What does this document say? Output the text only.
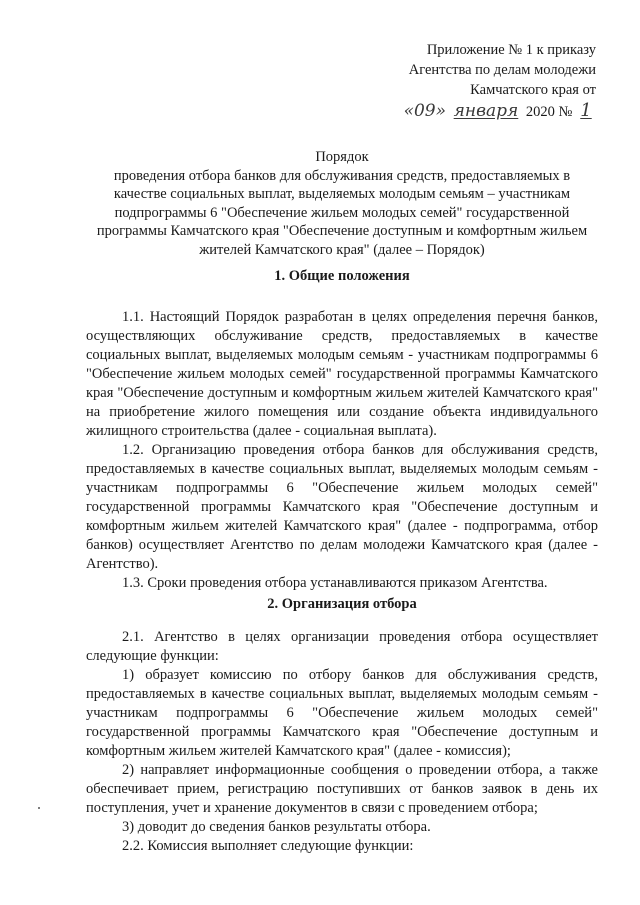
Приложение № 1 к приказу
Агентства по делам молодежи
Камчатского края от
«09» января 2020 № 1
Порядок
проведения отбора банков для обслуживания средств, предоставляемых в качестве социальных выплат, выделяемых молодым семьям – участникам подпрограммы 6 "Обеспечение жильем молодых семей" государственной программы Камчатского края "Обеспечение доступным и комфортным жильем жителей Камчатского края" (далее – Порядок)
1. Общие положения

1.1. Настоящий Порядок разработан в целях определения перечня банков, осуществляющих обслуживание средств, предоставляемых в качестве социальных выплат, выделяемых молодым семьям - участникам подпрограммы 6 "Обеспечение жильем молодых семей" государственной программы Камчатского края "Обеспечение доступным и комфортным жильем жителей Камчатского края" на приобретение жилого помещения или создание объекта индивидуального жилищного строительства (далее - социальная выплата).

1.2. Организацию проведения отбора банков для обслуживания средств, предоставляемых в качестве социальных выплат, выделяемых молодым семьям - участникам подпрограммы 6 "Обеспечение жильем молодых семей" государственной программы Камчатского края "Обеспечение доступным и комфортным жильем жителей Камчатского края" (далее - подпрограмма, отбор банков) осуществляет Агентство по делам молодежи Камчатского края (далее - Агентство).

1.3. Сроки проведения отбора устанавливаются приказом Агентства.

2. Организация отбора

2.1. Агентство в целях организации проведения отбора осуществляет следующие функции:

1) образует комиссию по отбору банков для обслуживания средств, предоставляемых в качестве социальных выплат, выделяемых молодым семьям - участникам подпрограммы 6 "Обеспечение жильем молодых семей" государственной программы Камчатского края "Обеспечение доступным и комфортным жильем жителей Камчатского края" (далее - комиссия);

2) направляет информационные сообщения о проведении отбора, а также обеспечивает прием, регистрацию поступивших от банков заявок в день их поступления, учет и хранение документов в связи с проведением отбора;

3) доводит до сведения банков результаты отбора.

2.2. Комиссия выполняет следующие функции:
